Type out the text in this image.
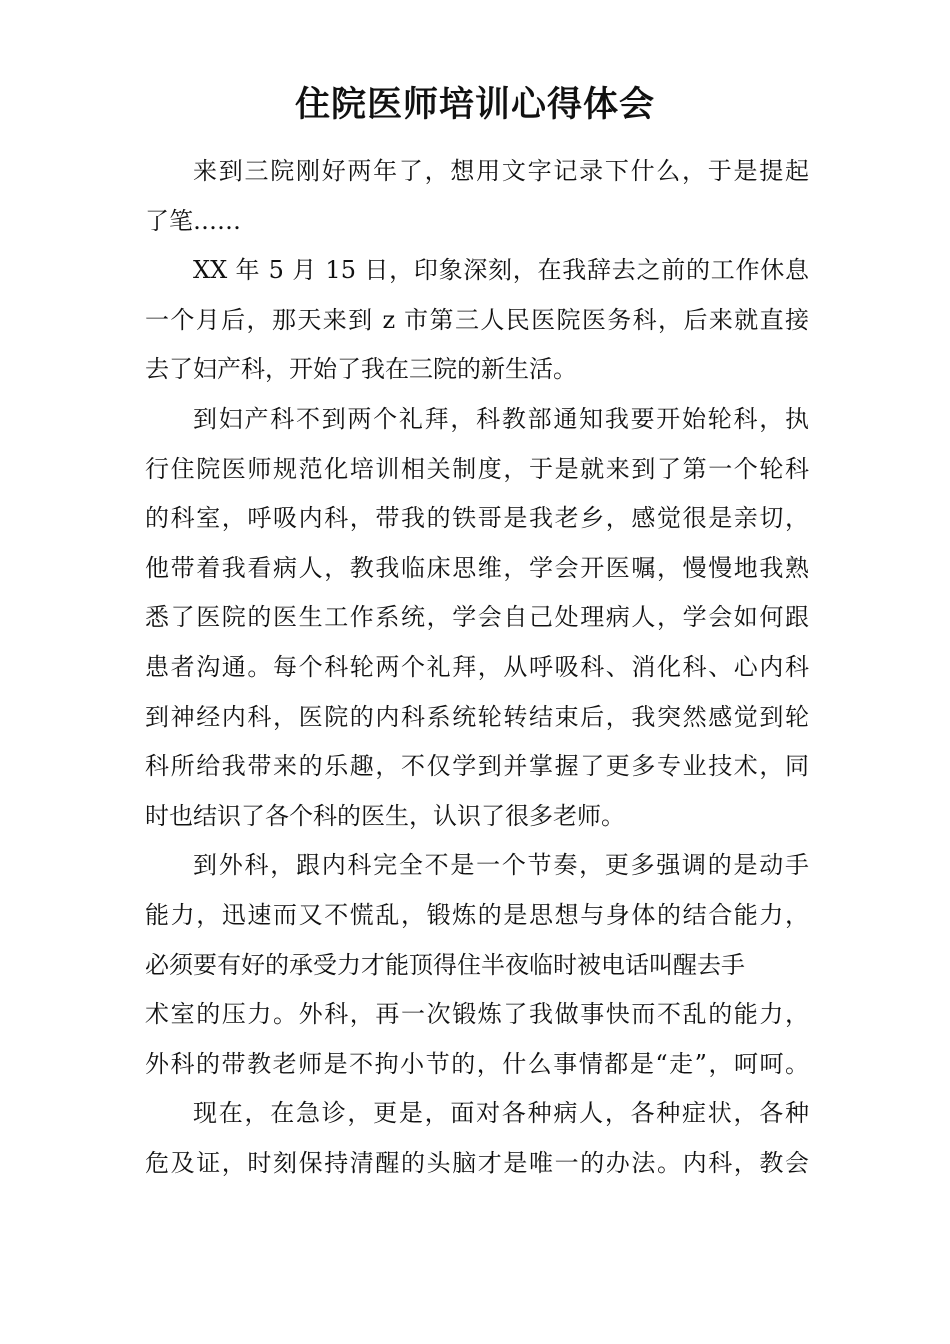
住院医师培训心得体会
来到三院刚好两年了，想用文字记录下什么，于是提起
了笔……
XX 年 5 月 15 日，印象深刻，在我辞去之前的工作休息
一个月后，那天来到 z 市第三人民医院医务科，后来就直接
去了妇产科，开始了我在三院的新生活。
到妇产科不到两个礼拜，科教部通知我要开始轮科，执
行住院医师规范化培训相关制度，于是就来到了第一个轮科
的科室，呼吸内科，带我的铁哥是我老乡，感觉很是亲切，
他带着我看病人，教我临床思维，学会开医嘱，慢慢地我熟
悉了医院的医生工作系统，学会自己处理病人，学会如何跟
患者沟通。每个科轮两个礼拜，从呼吸科、消化科、心内科
到神经内科，医院的内科系统轮转结束后，我突然感觉到轮
科所给我带来的乐趣，不仅学到并掌握了更多专业技术，同
时也结识了各个科的医生，认识了很多老师。
到外科，跟内科完全不是一个节奏，更多强调的是动手
能力，迅速而又不慌乱，锻炼的是思想与身体的结合能力，
必须要有好的承受力才能顶得住半夜临时被电话叫醒去手
术室的压力。外科，再一次锻炼了我做事快而不乱的能力，
外科的带教老师是不拘小节的，什么事情都是“走”，呵呵。
现在，在急诊，更是，面对各种病人，各种症状，各种
危及证，时刻保持清醒的头脑才是唯一的办法。内科，教会
